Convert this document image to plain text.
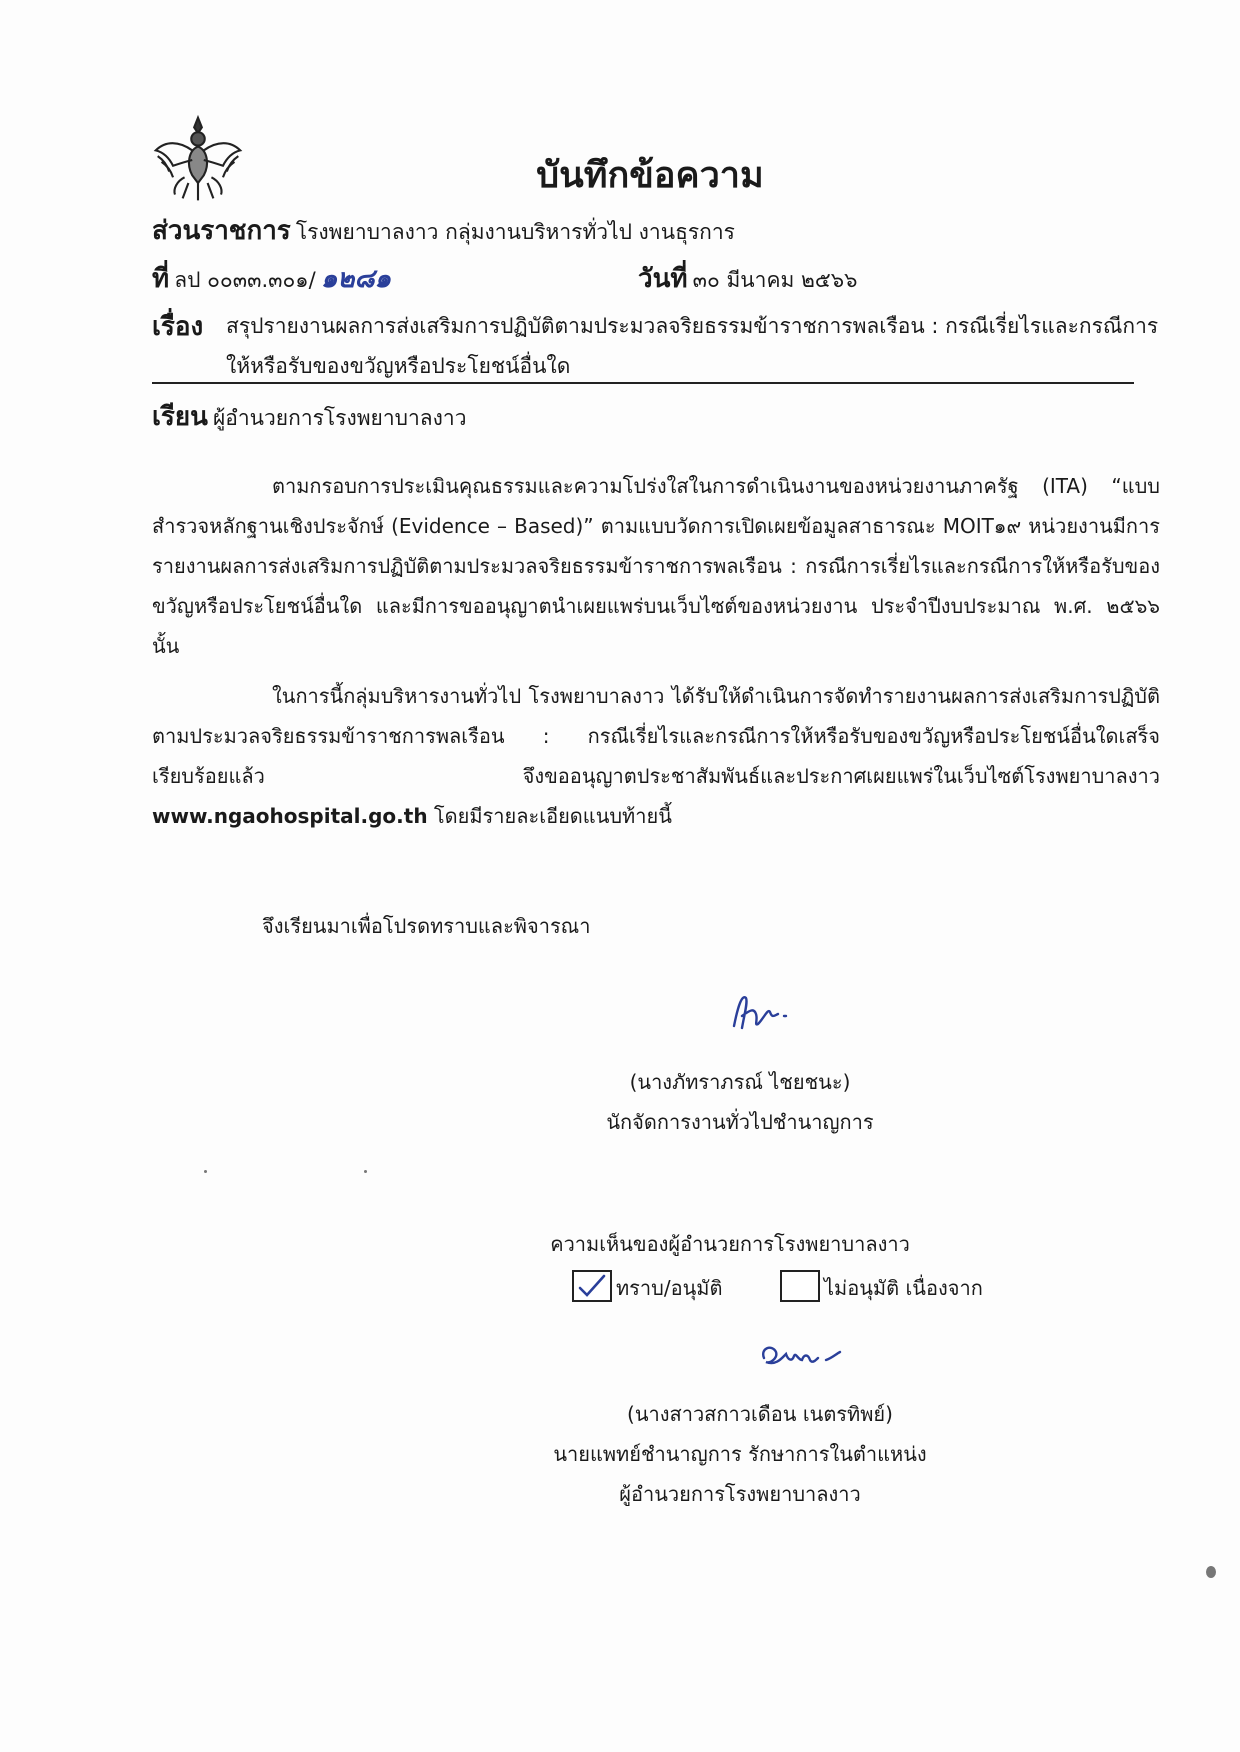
บันทึกข้อความ
ส่วนราชการ โรงพยาบาลงาว กลุ่มงานบริหารทั่วไป งานธุรการ
ที่ ลป ๐๐๓๓.๓๐๑/ ๑๒๘๑	วันที่ ๓๐ มีนาคม ๒๕๖๖
เรื่อง สรุปรายงานผลการส่งเสริมการปฏิบัติตามประมวลจริยธรรมข้าราชการพลเรือน : กรณีเรี่ยไรและกรณีการ
ให้หรือรับของขวัญหรือประโยชน์อื่นใด
เรียน ผู้อำนวยการโรงพยาบาลงาว
ตามกรอบการประเมินคุณธรรมและความโปร่งใสในการดำเนินงานของหน่วยงานภาครัฐ (ITA) “แบบสำรวจหลักฐานเชิงประจักษ์ (Evidence – Based)” ตามแบบวัดการเปิดเผยข้อมูลสาธารณะ MOIT๑๙ หน่วยงานมีการรายงานผลการส่งเสริมการปฏิบัติตามประมวลจริยธรรมข้าราชการพลเรือน : กรณีการเรี่ยไรและกรณีการให้หรือรับของขวัญหรือประโยชน์อื่นใด และมีการขออนุญาตนำเผยแพร่บนเว็บไซต์ของหน่วยงาน ประจำปีงบประมาณ พ.ศ. ๒๕๖๖ นั้น
ในการนี้กลุ่มบริหารงานทั่วไป โรงพยาบาลงาว ได้รับให้ดำเนินการจัดทำรายงานผลการส่งเสริมการปฏิบัติตามประมวลจริยธรรมข้าราชการพลเรือน : กรณีเรี่ยไรและกรณีการให้หรือรับของขวัญหรือประโยชน์อื่นใดเสร็จเรียบร้อยแล้ว จึงขออนุญาตประชาสัมพันธ์และประกาศเผยแพร่ในเว็บไซต์โรงพยาบาลงาว www.ngaohospital.go.th โดยมีรายละเอียดแนบท้ายนี้
จึงเรียนมาเพื่อโปรดทราบและพิจารณา
(นางภัทราภรณ์ ไชยชนะ)
นักจัดการงานทั่วไปชำนาญการ
ความเห็นของผู้อำนวยการโรงพยาบาลงาว
ทราบ/อนุมัติ	ไม่อนุมัติ เนื่องจาก
(นางสาวสกาวเดือน เนตรทิพย์)
นายแพทย์ชำนาญการ รักษาการในตำแหน่ง
ผู้อำนวยการโรงพยาบาลงาว
